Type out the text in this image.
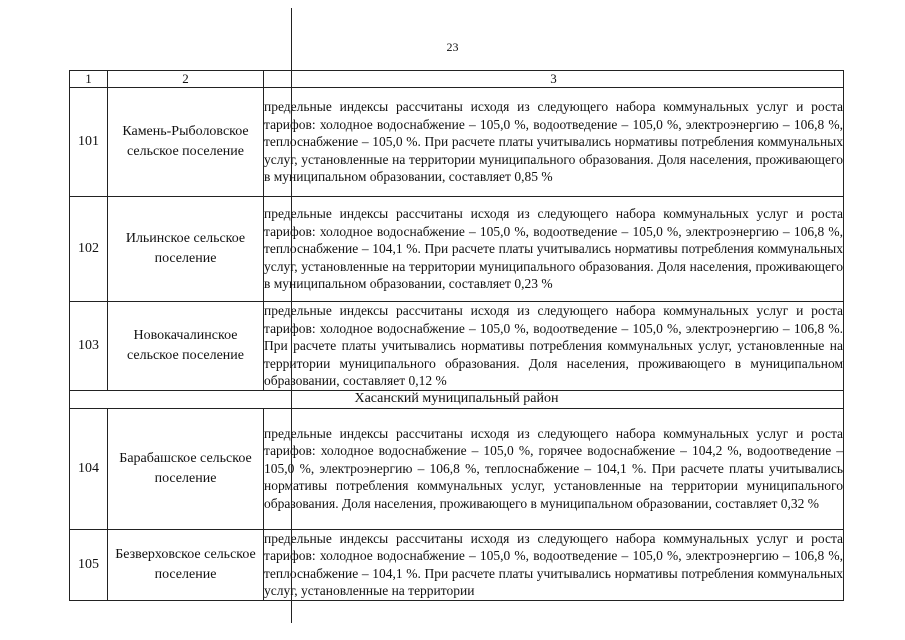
23
1	2	3
101	Камень-Рыболовское сельское поселение	предельные индексы рассчитаны исходя из следующего набора коммунальных услуг и роста тарифов: холодное водоснабжение – 105,0 %, водоотведение – 105,0 %, электроэнергию – 106,8 %, теплоснабжение – 105,0 %. При расчете платы учитывались нормативы потребления коммунальных услуг, установленные на территории муниципального образования. Доля населения, проживающего в муниципальном образовании, составляет 0,85 %
102	Ильинское сельское поселение	предельные индексы рассчитаны исходя из следующего набора коммунальных услуг и роста тарифов: холодное водоснабжение – 105,0 %, водоотведение – 105,0 %, электроэнергию – 106,8 %, теплоснабжение – 104,1 %. При расчете платы учитывались нормативы потребления коммунальных услуг, установленные на территории муниципального образования. Доля населения, проживающего в муниципальном образовании, составляет 0,23 %
103	Новокачалинское сельское поселение	предельные индексы рассчитаны исходя из следующего набора коммунальных услуг и роста тарифов: холодное водоснабжение – 105,0 %, водоотведение – 105,0 %, электроэнергию – 106,8 %. При расчете платы учитывались нормативы потребления коммунальных услуг, установленные на территории муниципального образования. Доля населения, проживающего в муниципальном образовании, составляет 0,12 %
Хасанский муниципальный район		
104	Барабашское сельское поселение	предельные индексы рассчитаны исходя из следующего набора коммунальных услуг и роста тарифов: холодное водоснабжение – 105,0 %, горячее водоснабжение – 104,2 %, водоотведение – 105,0 %, электроэнергию – 106,8 %, теплоснабжение – 104,1 %. При расчете платы учитывались нормативы потребления коммунальных услуг, установленные на территории муниципального образования. Доля населения, проживающего в муниципальном образовании, составляет 0,32 %
105	Безверховское сельское поселение	предельные индексы рассчитаны исходя из следующего набора коммунальных услуг и роста тарифов: холодное водоснабжение – 105,0 %, водоотведение – 105,0 %, электроэнергию – 106,8 %, теплоснабжение – 104,1 %. При расчете платы учитывались нормативы потребления коммунальных услуг, установленные на территории
